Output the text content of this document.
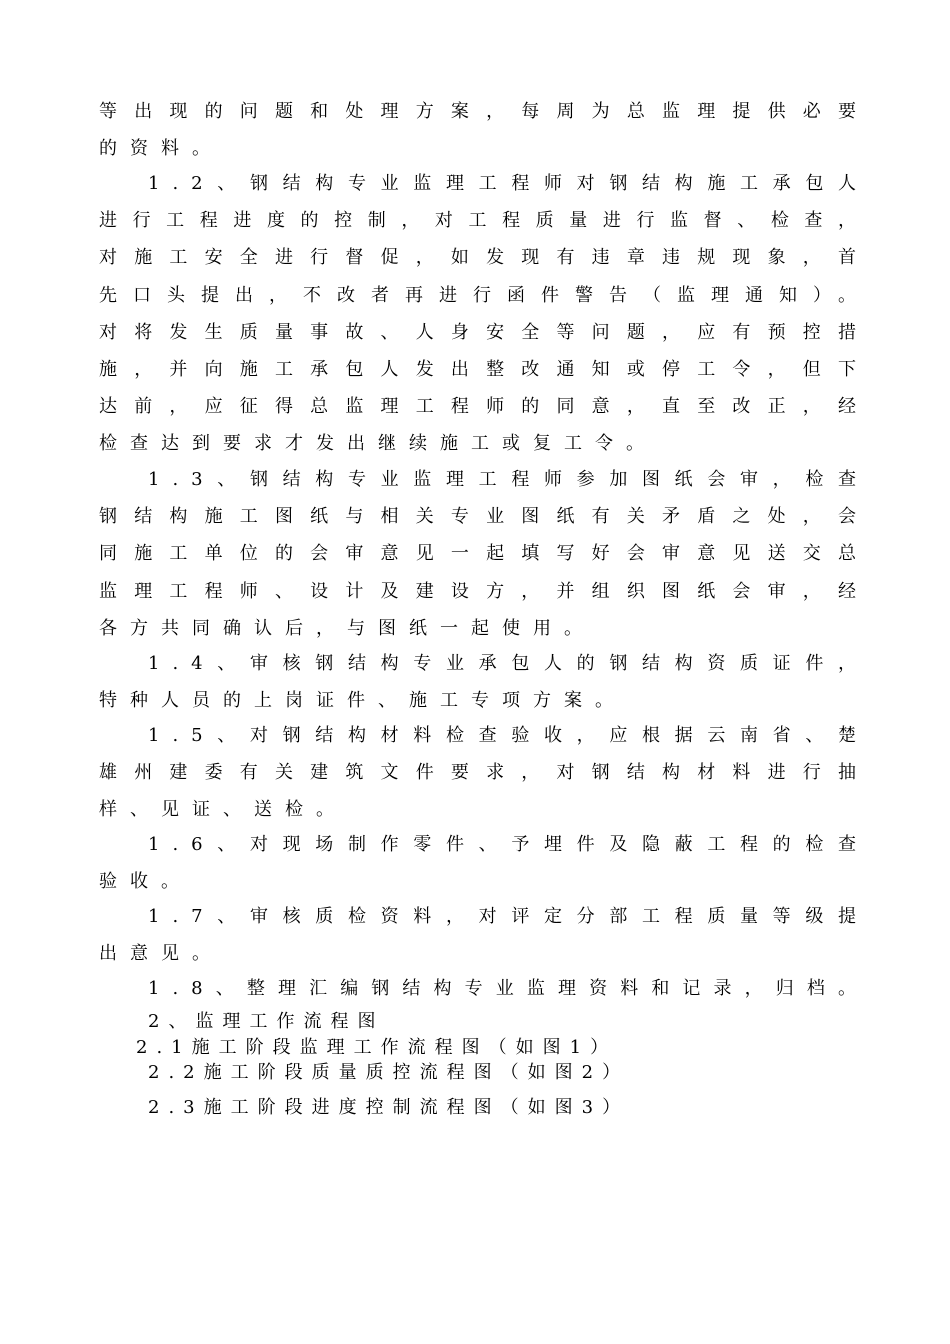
等出现的问题和处理方案，每周为总监理提供必要
的资料。
1.2、钢结构专业监理工程师对钢结构施工承包人
进行工程进度的控制，对工程质量进行监督、检查，
对施工安全进行督促，如发现有违章违规现象，首
先口头提出，不改者再进行函件警告（监理通知）。
对将发生质量事故、人身安全等问题，应有预控措
施，并向施工承包人发出整改通知或停工令，但下
达前，应征得总监理工程师的同意，直至改正，经
检查达到要求才发出继续施工或复工令。
1.3、钢结构专业监理工程师参加图纸会审，检查
钢结构施工图纸与相关专业图纸有关矛盾之处，会
同施工单位的会审意见一起填写好会审意见送交总
监理工程师、设计及建设方，并组织图纸会审，经
各方共同确认后，与图纸一起使用。
1.4、审核钢结构专业承包人的钢结构资质证件，
特种人员的上岗证件、施工专项方案。
1.5、对钢结构材料检查验收，应根据云南省、楚
雄州建委有关建筑文件要求，对钢结构材料进行抽
样、见证、送检。
1.6、对现场制作零件、予埋件及隐蔽工程的检查
验收。
1.7、审核质检资料，对评定分部工程质量等级提
出意见。
1.8、整理汇编钢结构专业监理资料和记录，归档。
2、监理工作流程图
2.1施工阶段监理工作流程图（如图1）
2.2施工阶段质量质控流程图（如图2）
2.3施工阶段进度控制流程图（如图3）
